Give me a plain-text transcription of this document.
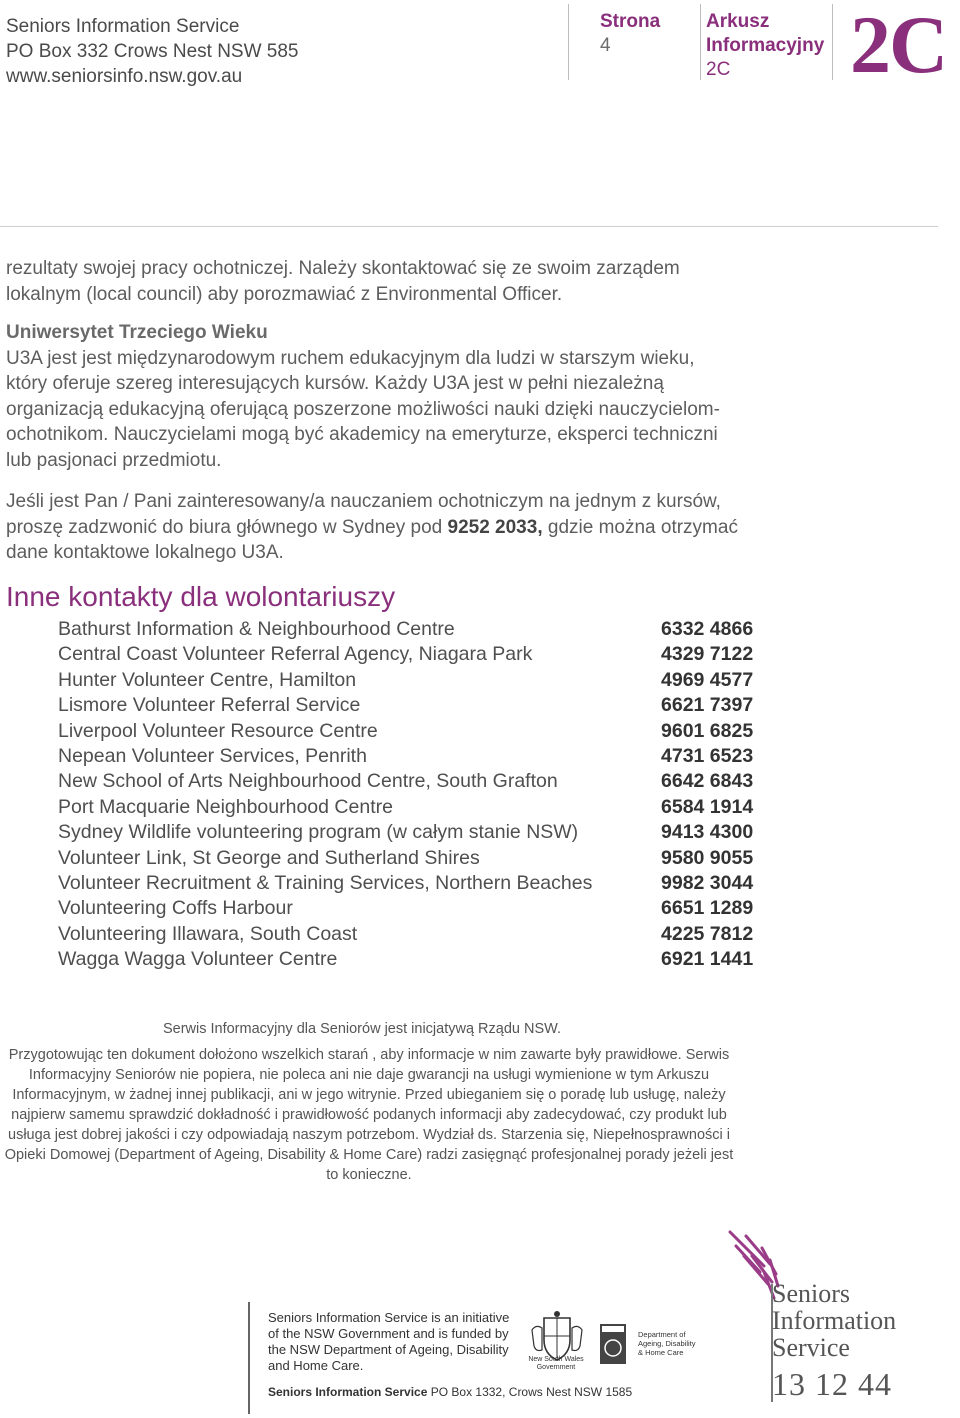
Seniors Information Service
PO Box 332 Crows Nest NSW 585
www.seniorsinfo.nsw.gov.au
Strona
4
Arkusz
Informacyjny
2C	2C
rezultaty swojej pracy ochotniczej. Należy skontaktować się ze swoim zarządem
lokalnym (local council) aby porozmawiać z Environmental Officer.
Uniwersytet Trzeciego Wieku
U3A jest jest międzynarodowym ruchem edukacyjnym dla ludzi w starszym wieku, który oferuje szereg interesujących kursów. Każdy U3A jest w pełni niezależną organizacją edukacyjną oferującą poszerzone możliwości nauki dzięki nauczycielom-ochotnikom. Nauczycielami mogą być akademicy na emeryturze, eksperci techniczni lub pasjonaci przedmiotu.
Jeśli jest Pan / Pani zainteresowany/a nauczaniem ochotniczym na jednym z kursów, proszę zadzwonić do biura głównego w Sydney pod 9252 2033, gdzie można otrzymać dane kontaktowe lokalnego U3A.
Inne kontakty dla wolontariuszy
Bathurst Information & Neighbourhood Centre	6332 4866
Central Coast Volunteer Referral Agency, Niagara Park	4329 7122
Hunter Volunteer Centre, Hamilton	4969 4577
Lismore Volunteer Referral Service	6621 7397
Liverpool Volunteer Resource Centre	9601 6825
Nepean Volunteer Services, Penrith	4731 6523
New School of Arts Neighbourhood Centre, South Grafton	6642 6843
Port Macquarie Neighbourhood Centre	6584 1914
Sydney Wildlife volunteering program (w całym stanie NSW)	9413 4300
Volunteer Link, St George and Sutherland Shires	9580 9055
Volunteer Recruitment & Training Services, Northern Beaches	9982 3044
Volunteering Coffs Harbour	6651 1289
Volunteering Illawara, South Coast	4225 7812
Wagga Wagga Volunteer Centre	6921 1441
Serwis Informacyjny dla Seniorów jest inicjatywą Rządu NSW.
Przygotowując ten dokument dołożono wszelkich starań , aby informacje w nim zawarte były prawidłowe. Serwis Informacyjny Seniorów nie popiera, nie poleca ani nie daje gwarancji na usługi wymienione w tym Arkuszu Informacyjnym, w żadnej innej publikacji, ani w jego witrynie. Przed ubieganiem się o poradę lub usługę, należy najpierw samemu sprawdzić dokładność i prawidłowość podanych informacji aby zadecydować, czy produkt lub usługa jest dobrej jakości i czy odpowiadają naszym potrzebom. Wydział ds. Starzenia się, Niepełnosprawności i Opieki Domowej (Department of Ageing, Disability & Home Care) radzi zasięgnąć profesjonalnej porady jeżeli jest to konieczne.
Seniors Information Service is an initiative of the NSW Government and is funded by the NSW Department of Ageing, Disability and Home Care.
Seniors Information Service PO Box 1332, Crows Nest NSW 1585
New South Wales Government
Department of Ageing, Disability & Home Care
Seniors
Information
Service
13 12 44
